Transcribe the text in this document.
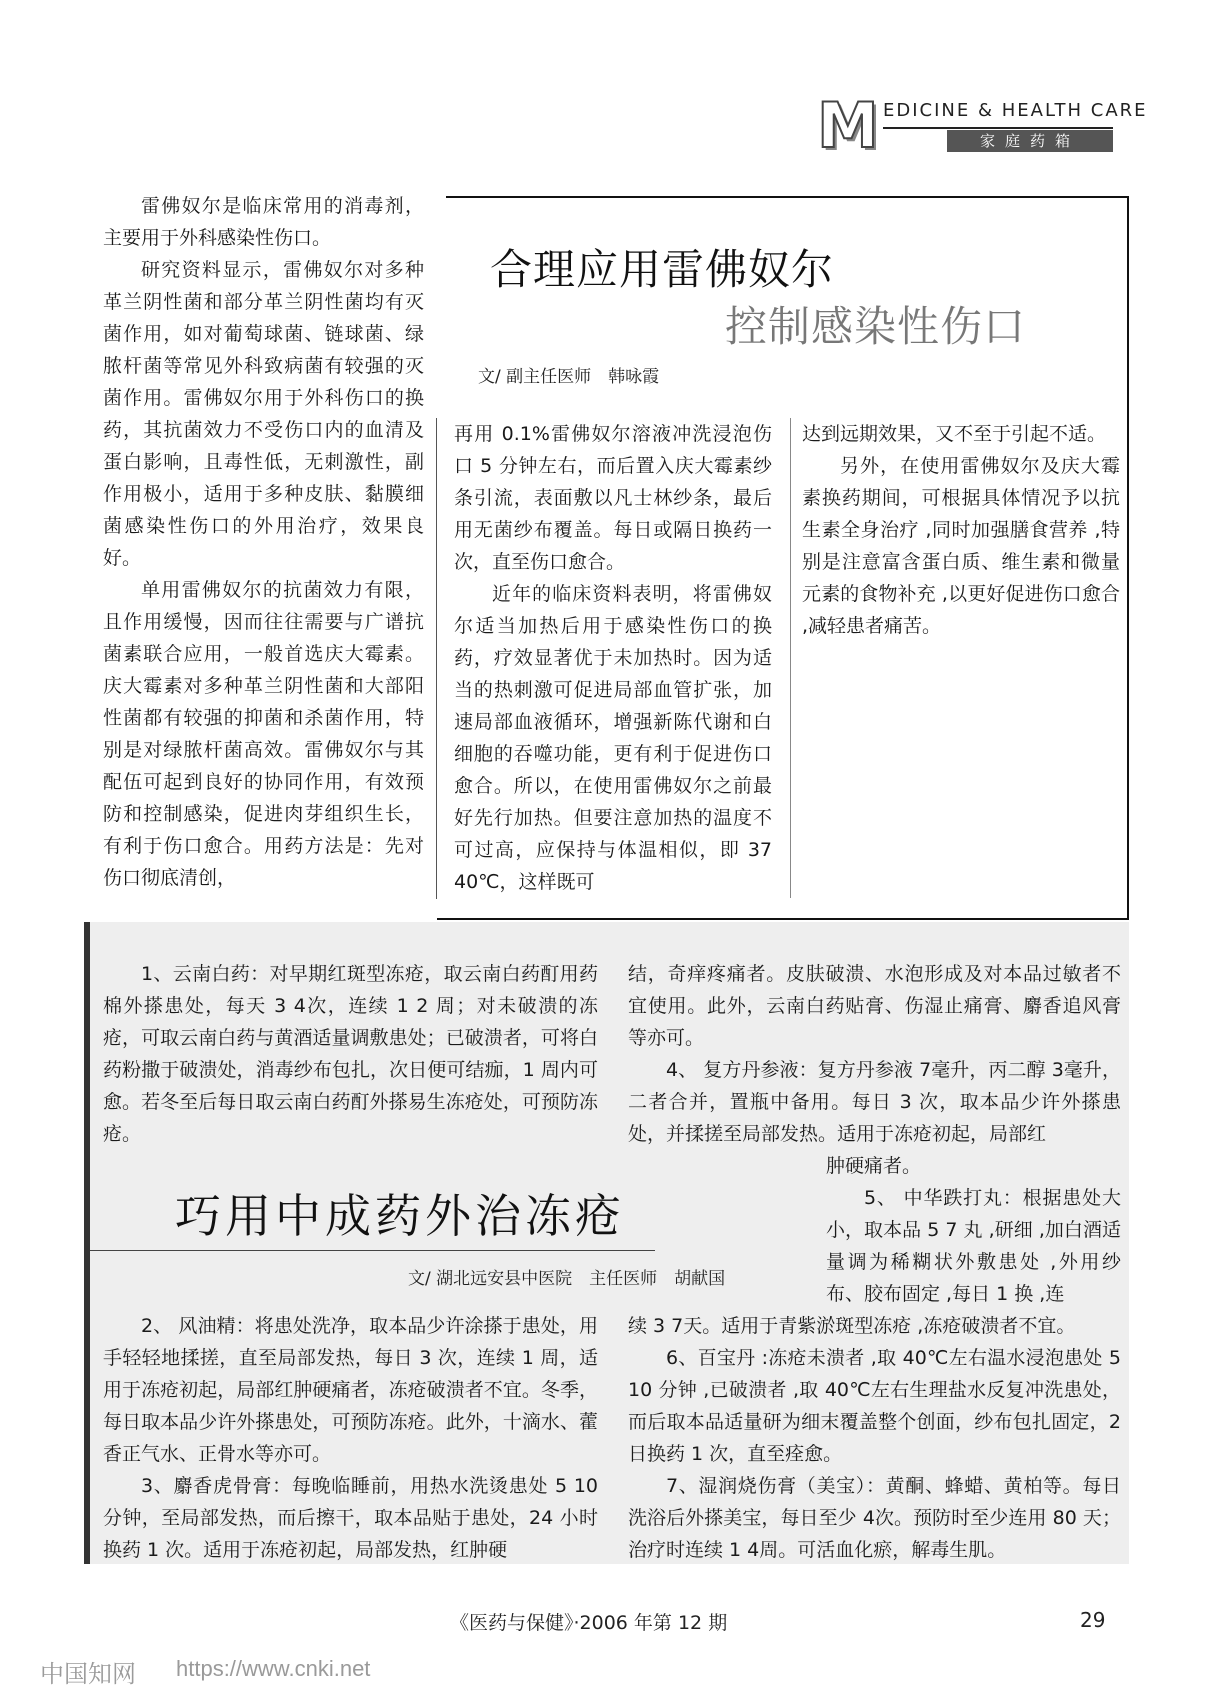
M EDICINE & HEALTH CARE
家庭药箱
合理应用雷佛奴尔
控制感染性伤口
文/ 副主任医师　韩咏霞

雷佛奴尔是临床常用的消毒剂，主要用于外科感染性伤口。

研究资料显示，雷佛奴尔对多种革兰阴性菌和部分革兰阴性菌均有灭菌作用，如对葡萄球菌、链球菌、绿脓杆菌等常见外科致病菌有较强的灭菌作用。雷佛奴尔用于外科伤口的换药，其抗菌效力不受伤口内的血清及蛋白影响，且毒性低，无刺激性，副作用极小，适用于多种皮肤、黏膜细菌感染性伤口的外用治疗，效果良好。

单用雷佛奴尔的抗菌效力有限，且作用缓慢，因而往往需要与广谱抗菌素联合应用，一般首选庆大霉素。庆大霉素对多种革兰阴性菌和大部阳性菌都有较强的抑菌和杀菌作用，特别是对绿脓杆菌高效。雷佛奴尔与其配伍可起到良好的协同作用，有效预防和控制感染，促进肉芽组织生长，有利于伤口愈合。用药方法是：先对伤口彻底清创，

再用 0.1%雷佛奴尔溶液冲洗浸泡伤口 5 分钟左右，而后置入庆大霉素纱条引流，表面敷以凡士林纱条，最后用无菌纱布覆盖。每日或隔日换药一次，直至伤口愈合。

近年的临床资料表明，将雷佛奴尔适当加热后用于感染性伤口的换药，疗效显著优于未加热时。因为适当的热刺激可促进局部血管扩张，加速局部血液循环，增强新陈代谢和白细胞的吞噬功能，更有利于促进伤口愈合。所以，在使用雷佛奴尔之前最好先行加热。但要注意加热的温度不可过高，应保持与体温相似，即 37 40℃，这样既可

达到远期效果，又不至于引起不适。

另外，在使用雷佛奴尔及庆大霉素换药期间，可根据具体情况予以抗生素全身治疗 ,同时加强膳食营养 ,特别是注意富含蛋白质、维生素和微量元素的食物补充 ,以更好促进伤口愈合 ,减轻患者痛苦。

1、云南白药：对早期红斑型冻疮，取云南白药酊用药棉外搽患处，每天 3 4次，连续 1 2 周；对未破溃的冻疮，可取云南白药与黄酒适量调敷患处；已破溃者，可将白药粉撒于破溃处，消毒纱布包扎，次日便可结痂，1 周内可愈。若冬至后每日取云南白药酊外搽易生冻疮处，可预防冻疮。

结，奇痒疼痛者。皮肤破溃、水泡形成及对本品过敏者不宜使用。此外，云南白药贴膏、伤湿止痛膏、麝香追风膏等亦可。

4、 复方丹参液：复方丹参液 7毫升，丙二醇 3毫升，二者合并，置瓶中备用。每日 3 次，取本品少许外搽患处，并揉搓至局部发热。适用于冻疮初起，局部红

肿硬痛者。

5、 中华跌打丸：根据患处大小，取本品 5 7 丸 ,研细 ,加白酒适量调为稀糊状外敷患处 ,外用纱布、胶布固定 ,每日 1 换 ,连

巧用中成药外治冻疮
文/ 湖北远安县中医院　主任医师　胡献国

2、 风油精：将患处洗净，取本品少许涂搽于患处，用手轻轻地揉搓，直至局部发热，每日 3 次，连续 1 周，适用于冻疮初起，局部红肿硬痛者，冻疮破溃者不宜。冬季，每日取本品少许外搽患处，可预防冻疮。此外，十滴水、藿香正气水、正骨水等亦可。

3、麝香虎骨膏：每晚临睡前，用热水洗烫患处 5 10 分钟，至局部发热，而后擦干，取本品贴于患处，24 小时换药 1 次。适用于冻疮初起，局部发热，红肿硬

续 3 7天。适用于青紫淤斑型冻疮 ,冻疮破溃者不宜。

6、百宝丹 :冻疮未溃者 ,取 40℃左右温水浸泡患处 5 10 分钟 ,已破溃者 ,取 40℃左右生理盐水反复冲洗患处，而后取本品适量研为细末覆盖整个创面，纱布包扎固定，2 日换药 1 次，直至痊愈。

7、湿润烧伤膏（美宝）：黄酮、蜂蜡、黄柏等。每日洗浴后外搽美宝，每日至少 4次。预防时至少连用 80 天；治疗时连续 1 4周。可活血化瘀，解毒生肌。

《医药与保健》·2006 年第 12 期	29
中国知网 https://www.cnki.net
